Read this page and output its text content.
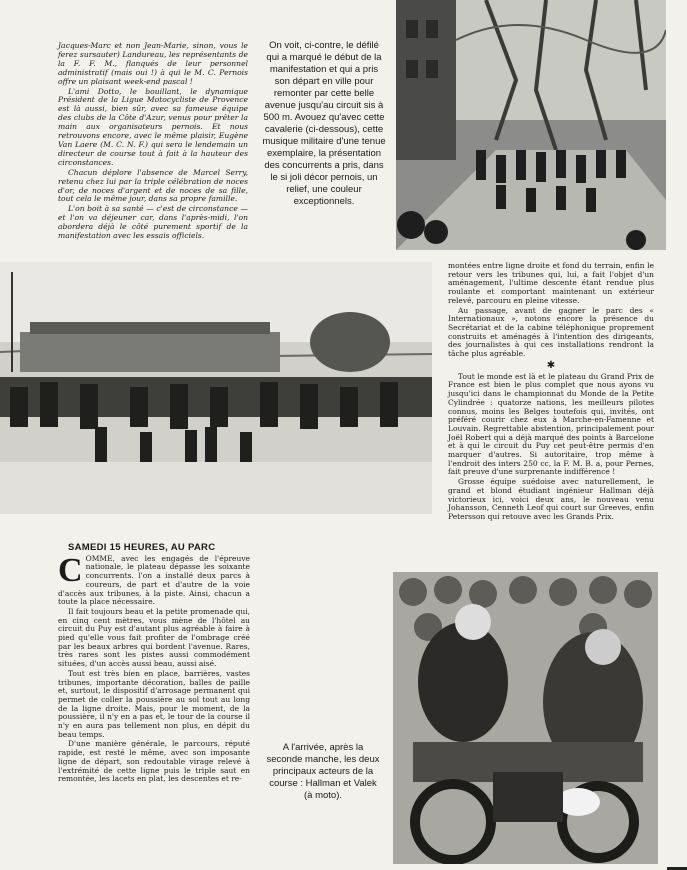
Jacques-Marc et non Jean-Marie, sinon, vous le ferez sursauter) Landureau, les représentants de la F. F. M., flanqués de leur personnel administratif (mais oui !) à qui le M. C. Pernois offre un plaisant week-end pascal !

L'ami Dotto, le bouillant, le dynamique Président de la Ligue Motocycliste de Provence est là aussi, bien sûr, avec sa fameuse équipe des clubs de la Côte d'Azur, venus pour prêter la main aux organisateurs pernois. Et nous retrouvons encore, avec le même plaisir, Eugène Van Laere (M. C. N. F.) qui sera le lendemain un directeur de course tout à fait à la hauteur des circonstances.

Chacun déplore l'absence de Marcel Serry, retenu chez lui par la triple célébration de noces d'or, de noces d'argent et de noces de sa fille, tout cela le même jour, dans sa propre famille.

L'on boit à sa santé — c'est de circonstance — et l'on va déjeuner car, dans l'après-midi, l'on abordera déjà le côté purement sportif de la manifestation avec les essais officiels.

On voit, ci-contre, le défilé qui a marqué le début de la manifestation et qui a pris son départ en ville pour remonter par cette belle avenue jusqu'au circuit sis à 500 m. Avouez qu'avec cette cavalerie (ci-dessous), cette musique militaire d'une tenue exemplaire, la présentation des concurrents a pris, dans le si joli décor pernois, un relief, une couleur exceptionnels.

montées entre ligne droite et fond du terrain, enfin le retour vers les tribunes qui, lui, a fait l'objet d'un aménagement, l'ultime descente étant rendue plus roulante et comportant maintenant un extérieur relevé, parcouru en pleine vitesse.

Au passage, avant de gagner le parc des « Internationaux », notons encore la présence du Secrétariat et de la cabine téléphonique proprement construits et aménagés à l'intention des dirigeants, des journalistes à qui ces installations rendront la tâche plus agréable.

✱

Tout le monde est là et le plateau du Grand Prix de France est bien le plus complet que nous ayons vu jusqu'ici dans le championnat du Monde de la Petite Cylindrée : quatorze nations, les meilleurs pilotes connus, moins les Belges toutefois qui, invités, ont préféré courir chez eux à Marche-en-Famenne et Louvain. Regrettable abstention, principalement pour Joël Robert qui a déjà marqué des points à Barcelone et à qui le circuit du Puy cet peut-être permis d'en marquer d'autres. Si autoritaire, trop même à l'endroit des inters 250 cc, la F. M. B. a, pour Pernes, fait preuve d'une surprenante indifférence !

Grosse équipe suédoise avec naturellement, le grand et blond étudiant ingénieur Hallman déjà victorieux ici, voici deux ans, le nouveau venu Johansson, Cenneth Leof qui court sur Greeves, enfin Petersson qui retouve avec les Grands Prix.

SAMEDI 15 HEURES, AU PARC

COMME, avec les engagés de l'épreuve nationale, le plateau dépasse les soixante concurrents. l'on a installé deux parcs à coureurs, de part et d'autre de la voie d'accès aux tribunes, à la piste. Ainsi, chacun a toute la place nécessaire.

Il fait toujours beau et la petite promenade qui, en cinq cent mètres, vous mène de l'hôtel au circuit du Puy est d'autant plus agréable à faire à pied qu'elle vous fait profiter de l'ombrage créé par les beaux arbres qui bordent l'avenue. Rares, très rares sont les pistes aussi commodément situées, d'un accès aussi beau, aussi aisé.

Tout est très bien en place, barrières, vastes tribunes, importante décoration, balles de paille et, surtout, le dispositif d'arrosage permanent qui permet de coller la poussière au sol tout au long de la ligne droite. Mais, pour le moment, de la poussière, il n'y en a pas et, le tour de la course il n'y en aura pas tellement non plus, en dépit du beau temps.

D'une manière générale, le parcours, réputé rapide, est resté le même, avec son imposante ligne de départ, son redoutable virage relevé à l'extrémité de cette ligne puis le triple saut en remontée, les lacets en plat, les descentes et re-

A l'arrivée, après la seconde manche, les deux principaux acteurs de la course : Hallman et Valek (à moto).
